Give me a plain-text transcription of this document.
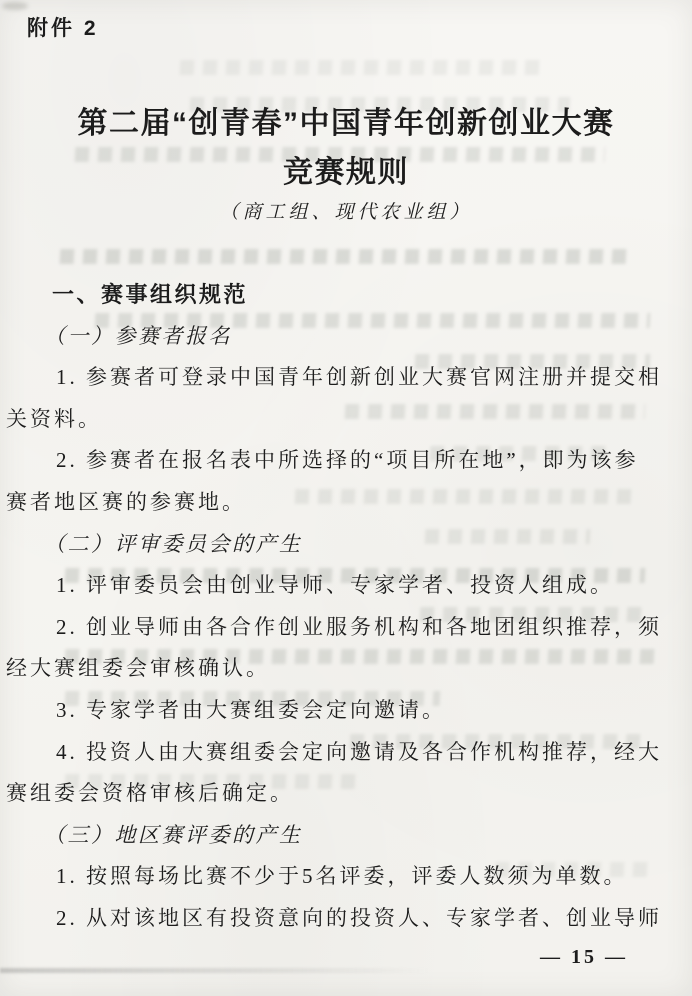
附件 2
第二届“创青春”中国青年创新创业大赛
竞赛规则
（商工组、现代农业组）
一、赛事组织规范
（一）参赛者报名
1. 参赛者可登录中国青年创新创业大赛官网注册并提交相
关资料。
2. 参赛者在报名表中所选择的“项目所在地”，即为该参
赛者地区赛的参赛地。
（二）评审委员会的产生
1. 评审委员会由创业导师、专家学者、投资人组成。
2. 创业导师由各合作创业服务机构和各地团组织推荐，须
经大赛组委会审核确认。
3. 专家学者由大赛组委会定向邀请。
4. 投资人由大赛组委会定向邀请及各合作机构推荐，经大
赛组委会资格审核后确定。
（三）地区赛评委的产生
1. 按照每场比赛不少于5名评委，评委人数须为单数。
2. 从对该地区有投资意向的投资人、专家学者、创业导师
— 15 —
